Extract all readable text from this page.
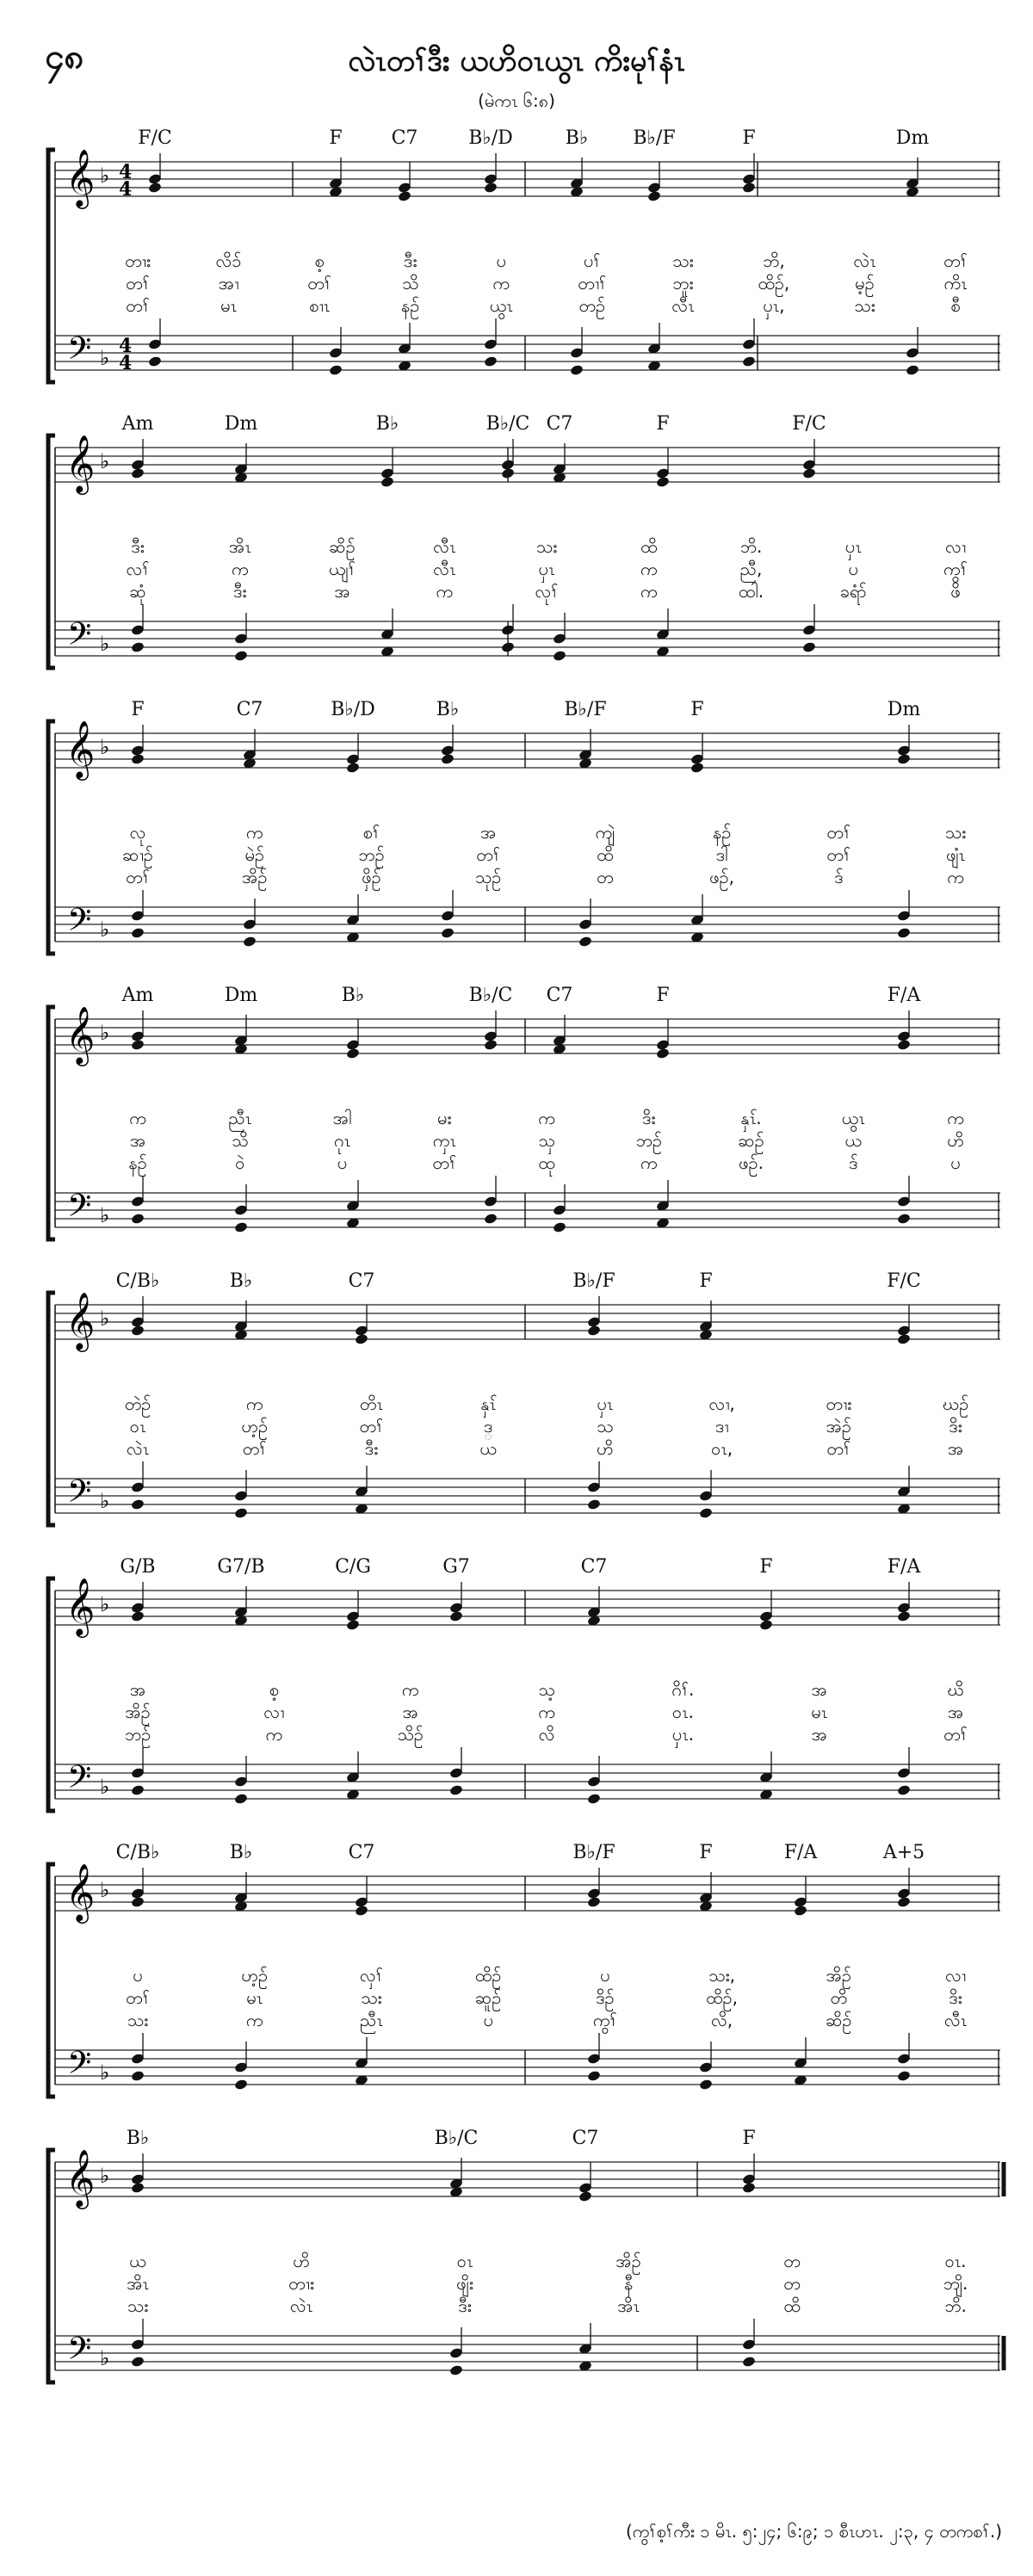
၄၈	လဲၤတၢ်ဒီး ယဟိဝၤယွၤ ကိးမုၢ်နံၤ
(မဲကၤ ၆:၈)
𝄞
𝄢
♭
♭
4
4
4
4
F/C	F	C7	B♭/D	B♭ B♭/F	F	Dm
တၢး	လိၥ်	စ့	ဒီး	ပ	ပၢ်	သး	ဘိ,	လဲၤ	တၢ်
တၢ်	အၢ	တၢ်	သိ	က	တၢၢ်	ဘူး	ထိဉ်,	မ့ဉ်	ကိၤ
တၢ်	မၤ	စၢၤ	နဉ်	ယွၤ	တဉ်	လီၤ	ပှၤ,	သး	စီ
𝄞
𝄢
♭
♭
Am	Dm	B♭	B♭/C C7	F	F/C
ဒီး	အိၤ	ဆိဉ်	လီၤ	သး	ထိ	ဘိ.	ပှၤ	လၢ
လၢ်	က	ယျၢ်	လီၤ	ပှၤ	က	ညီ,	ပ	ကွၢ်
ဆုံ	ဒီး	အ	က	လုၢ်	က	ထါ.	ခရံာ်	ဖိ
𝄞
𝄢
♭
♭
F	C7	B♭/D	B♭	B♭/F	F	Dm
လု	က	စၢ်	အ	ကျဲ	နဉ်	တၢ်	သး
ဆၢဉ်	မဲဉ်	ဘဉ်	တၢ်	ထိ	ဒါ	တၢ်	ဖျံၤ
တၢ်	အိဉ်	ဖှိဉ်	သုဉ်	တ	ဖဉ်,	ဒ်	က
𝄞
𝄢
♭
♭
Am	Dm	B♭	B♭/C C7	F	F/A
က	ညီၤ	အါ	မး	က	ဒိး	နှၤ်.	ယွၤ	က
အ	သိ	ဂုၤ	ကှၤ	သှ	ဘဉ်	ဆဉ်	ယ	ဟိ
နဉ်	ဝဲ	ပ	တၢ်	ထု	က	ဖဉ်.	ဒ်	ပ
𝄞
𝄢
♭
♭
C/B♭	B♭	C7	B♭/F	F	F/C
တဲဉ်	က	တိၤ	နှၤ်	ပှၤ	လၢ,	တၢး	ဃဉ်
ဝၤ	ဟ့ဉ်	တၢ်	ဒ္	သ	ဒၢ	အဲဉ်	ဒိး
လဲၤ	တၢ်	ဒီး	ယ	ဟိ	ဝၤ,	တၢ်	အ
𝄞
𝄢
♭
♭
G/B	G7/B	C/G	G7	C7	F	F/A
အ	စ့	က	သ့	ဂိၢ်.	အ	ဃိ
အိဉ်	လၢ	အ	က	ဝၤ.	မၤ	အ
ဘဉ်	က	သိဉ်	လိ	ပှၤ.	အ	တၢ်
𝄞
𝄢
♭
♭
C/B♭	B♭	C7	B♭/F	F	F/A	A+5
ပ	ဟ့ဉ်	လှၢ်	ထိဉ်	ပ	သး,	အိဉ်	လၢ
တၢ်	မၤ	သး	ဆူဉ်	ဒိဉ်	ထိဉ်,	တိ	ဒိး
သး	က	ညီၤ	ပ	ကွၢ်	လိ,	ဆိဉ်	လီၤ
𝄞
𝄢
♭
♭
B♭	B♭/C	C7	F
ယ	ဟိ	ဝၤ	အိဉ်	တ	ဝၤ.
အိၤ	တၢး	ဖျိး	နီ	တ	ဘျိ.
သး	လဲၤ	ဒီး	အိၤ	ထိ	ဘိ.
(ကွၢ်စ့ၢ်ကီး ၁ မိၤ. ၅:၂၄; ၆:၉; ၁ စီၤဟၤ. ၂:၃, ၄ တကစၢ်.)
